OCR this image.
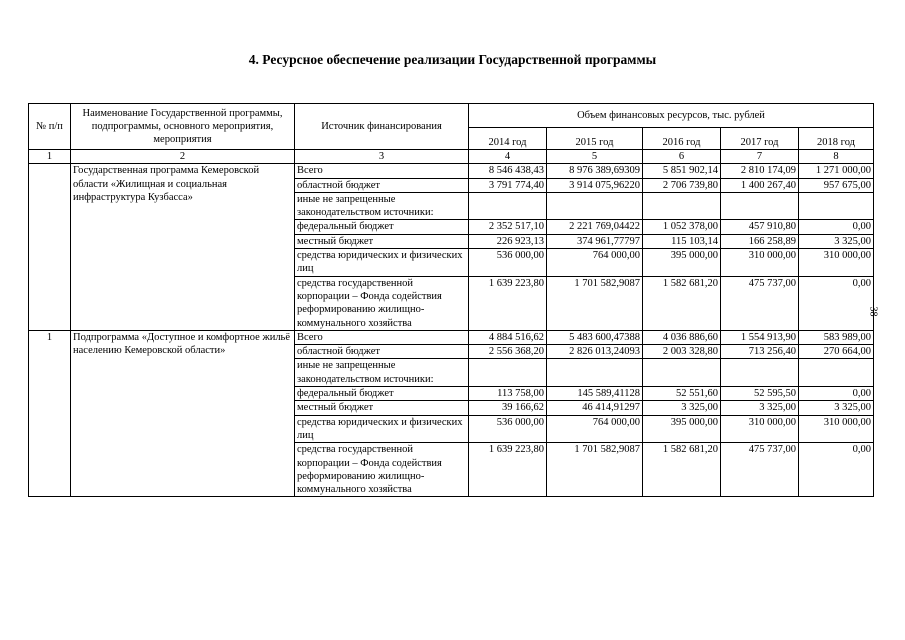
4. Ресурсное обеспечение реализации Государственной программы
38
№ п/п	Наименование Государственной программы, подпрограммы, основного мероприятия, мероприятия	Источник финансирования	Объем финансовых ресурсов, тыс. рублей				
			2014 год	2015 год	2016 год	2017 год	2018 год
1	2	3	4	5	6	7	8
	Государственная программа Кемеровской области «Жилищная и социальная инфраструктура Кузбасса»	Всего	8 546 438,43	8 976 389,69309	5 851 902,14	2 810 174,09	1 271 000,00
		областной бюджет	3 791 774,40	3 914 075,96220	2 706 739,80	1 400 267,40	957 675,00
		иные не запрещенные законодательством источники:					
		федеральный бюджет	2 352 517,10	2 221 769,04422	1 052 378,00	457 910,80	0,00
		местный бюджет	226 923,13	374 961,77797	115 103,14	166 258,89	3 325,00
		средства юридических и физических лиц	536 000,00	764 000,00	395 000,00	310 000,00	310 000,00
		средства государственной корпорации – Фонда содействия реформированию жилищно-коммунального хозяйства	1 639 223,80	1 701 582,9087	1 582 681,20	475 737,00	0,00
1	Подпрограмма «Доступное и комфортное жильё населению Кемеровской области»	Всего	4 884 516,62	5 483 600,47388	4 036 886,60	1 554 913,90	583 989,00
		областной бюджет	2 556 368,20	2 826 013,24093	2 003 328,80	713 256,40	270 664,00
		иные не запрещенные законодательством источники:					
		федеральный бюджет	113 758,00	145 589,41128	52 551,60	52 595,50	0,00
		местный бюджет	39 166,62	46 414,91297	3 325,00	3 325,00	3 325,00
		средства юридических и физических лиц	536 000,00	764 000,00	395 000,00	310 000,00	310 000,00
		средства государственной корпорации – Фонда содействия реформированию жилищно-коммунального хозяйства	1 639 223,80	1 701 582,9087	1 582 681,20	475 737,00	0,00
